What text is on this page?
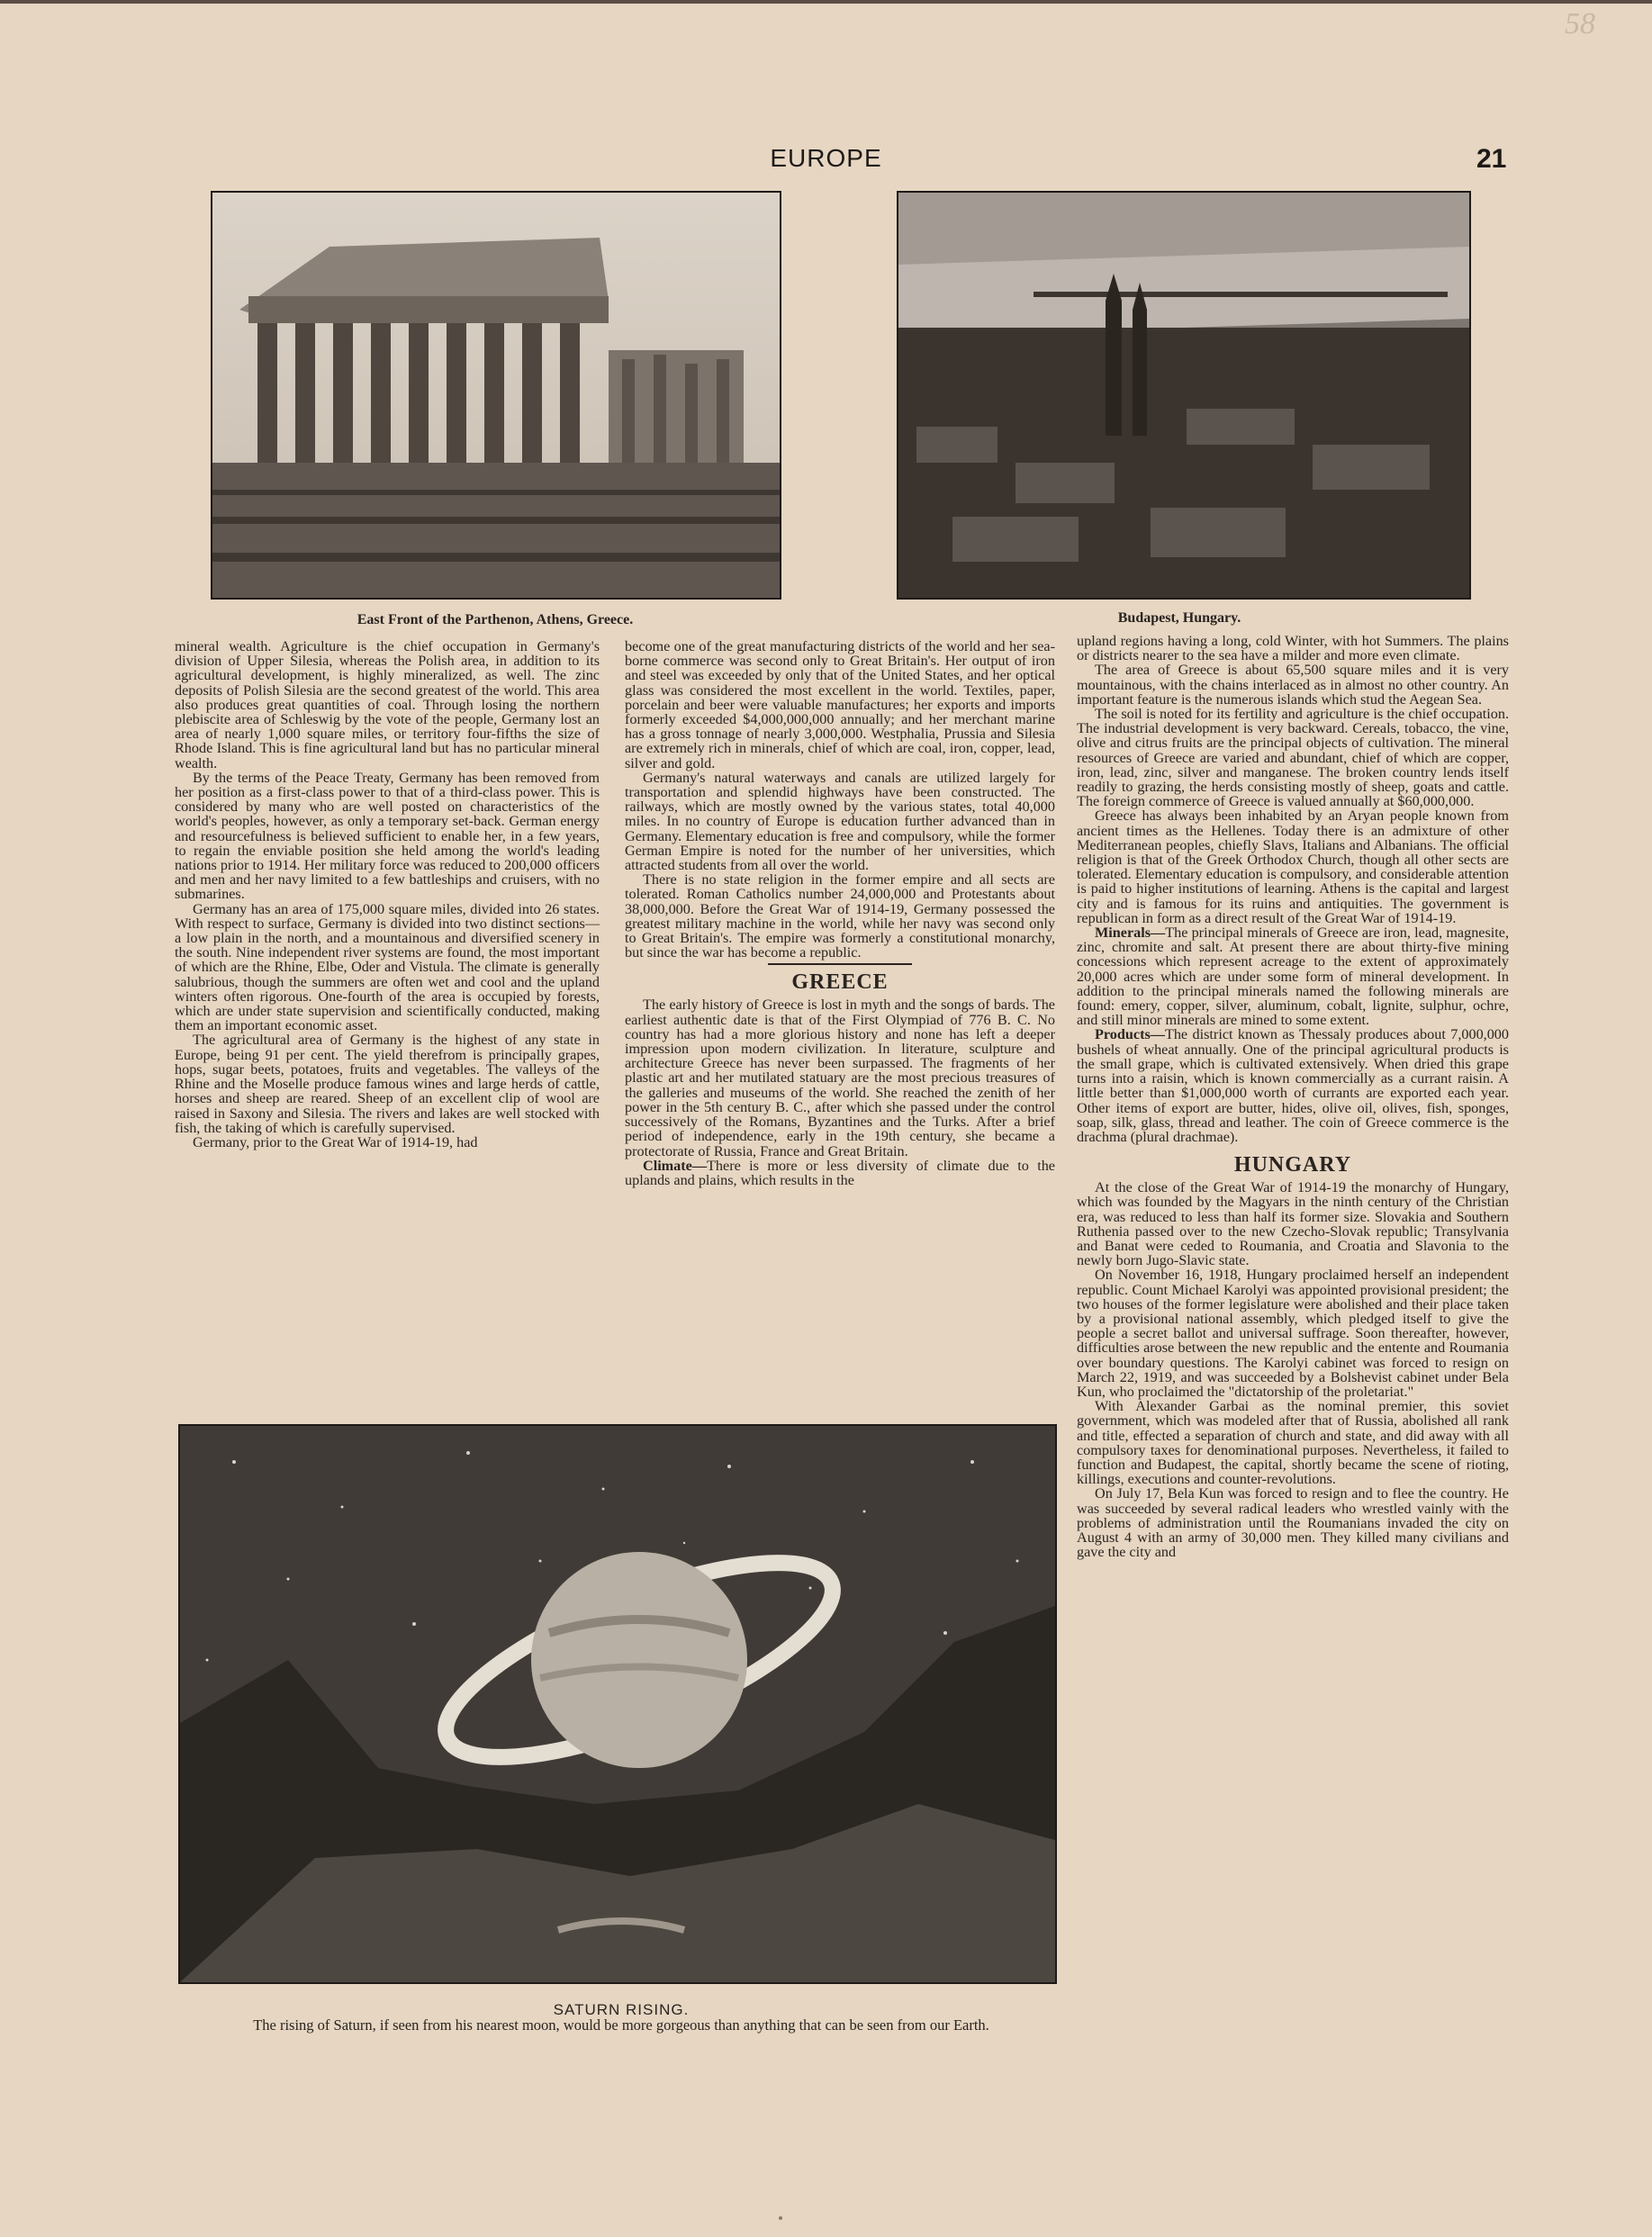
58
EUROPE	21
East Front of the Parthenon, Athens, Greece.	Budapest, Hungary.

mineral wealth. Agriculture is the chief occupation in Germany's division of Upper Silesia, whereas the Polish area, in addition to its agricultural development, is highly mineralized, as well. The zinc deposits of Polish Silesia are the second greatest of the world. This area also produces great quantities of coal. Through losing the northern plebiscite area of Schleswig by the vote of the people, Germany lost an area of nearly 1,000 square miles, or territory four-fifths the size of Rhode Island. This is fine agricultural land but has no particular mineral wealth.

By the terms of the Peace Treaty, Germany has been removed from her position as a first-class power to that of a third-class power. This is considered by many who are well posted on characteristics of the world's peoples, however, as only a temporary set-back. German energy and resourcefulness is believed sufficient to enable her, in a few years, to regain the enviable position she held among the world's leading nations prior to 1914. Her military force was reduced to 200,000 officers and men and her navy limited to a few battleships and cruisers, with no submarines.

Germany has an area of 175,000 square miles, divided into 26 states. With respect to surface, Germany is divided into two distinct sections—a low plain in the north, and a mountainous and diversified scenery in the south. Nine independent river systems are found, the most important of which are the Rhine, Elbe, Oder and Vistula. The climate is generally salubrious, though the summers are often wet and cool and the upland winters often rigorous. One-fourth of the area is occupied by forests, which are under state supervision and scientifically conducted, making them an important economic asset.

The agricultural area of Germany is the highest of any state in Europe, being 91 per cent. The yield therefrom is principally grapes, hops, sugar beets, potatoes, fruits and vegetables. The valleys of the Rhine and the Moselle produce famous wines and large herds of cattle, horses and sheep are reared. Sheep of an excellent clip of wool are raised in Saxony and Silesia. The rivers and lakes are well stocked with fish, the taking of which is carefully supervised.

Germany, prior to the Great War of 1914-19, had

become one of the great manufacturing districts of the world and her sea-borne commerce was second only to Great Britain's. Her output of iron and steel was exceeded by only that of the United States, and her optical glass was considered the most excellent in the world. Textiles, paper, porcelain and beer were valuable manufactures; her exports and imports formerly exceeded $4,000,000,000 annually; and her merchant marine has a gross tonnage of nearly 3,000,000. Westphalia, Prussia and Silesia are extremely rich in minerals, chief of which are coal, iron, copper, lead, silver and gold.

Germany's natural waterways and canals are utilized largely for transportation and splendid highways have been constructed. The railways, which are mostly owned by the various states, total 40,000 miles. In no country of Europe is education further advanced than in Germany. Elementary education is free and compulsory, while the former German Empire is noted for the number of her universities, which attracted students from all over the world.

There is no state religion in the former empire and all sects are tolerated. Roman Catholics number 24,000,000 and Protestants about 38,000,000. Before the Great War of 1914-19, Germany possessed the greatest military machine in the world, while her navy was second only to Great Britain's. The empire was formerly a constitutional monarchy, but since the war has become a republic.

GREECE

The early history of Greece is lost in myth and the songs of bards. The earliest authentic date is that of the First Olympiad of 776 B. C. No country has had a more glorious history and none has left a deeper impression upon modern civilization. In literature, sculpture and architecture Greece has never been surpassed. The fragments of her plastic art and her mutilated statuary are the most precious treasures of the galleries and museums of the world. She reached the zenith of her power in the 5th century B. C., after which she passed under the control successively of the Romans, Byzantines and the Turks. After a brief period of independence, early in the 19th century, she became a protectorate of Russia, France and Great Britain.

Climate—There is more or less diversity of climate due to the uplands and plains, which results in the

upland regions having a long, cold Winter, with hot Summers. The plains or districts nearer to the sea have a milder and more even climate.

The area of Greece is about 65,500 square miles and it is very mountainous, with the chains interlaced as in almost no other country. An important feature is the numerous islands which stud the Aegean Sea.

The soil is noted for its fertility and agriculture is the chief occupation. The industrial development is very backward. Cereals, tobacco, the vine, olive and citrus fruits are the principal objects of cultivation. The mineral resources of Greece are varied and abundant, chief of which are copper, iron, lead, zinc, silver and manganese. The broken country lends itself readily to grazing, the herds consisting mostly of sheep, goats and cattle. The foreign commerce of Greece is valued annually at $60,000,000.

Greece has always been inhabited by an Aryan people known from ancient times as the Hellenes. Today there is an admixture of other Mediterranean peoples, chiefly Slavs, Italians and Albanians. The official religion is that of the Greek Orthodox Church, though all other sects are tolerated. Elementary education is compulsory, and considerable attention is paid to higher institutions of learning. Athens is the capital and largest city and is famous for its ruins and antiquities. The government is republican in form as a direct result of the Great War of 1914-19.

Minerals—The principal minerals of Greece are iron, lead, magnesite, zinc, chromite and salt. At present there are about thirty-five mining concessions which represent acreage to the extent of approximately 20,000 acres which are under some form of mineral development. In addition to the principal minerals named the following minerals are found: emery, copper, silver, aluminum, cobalt, lignite, sulphur, ochre, and still minor minerals are mined to some extent.

Products—The district known as Thessaly produces about 7,000,000 bushels of wheat annually. One of the principal agricultural products is the small grape, which is cultivated extensively. When dried this grape turns into a raisin, which is known commercially as a currant raisin. A little better than $1,000,000 worth of currants are exported each year. Other items of export are butter, hides, olive oil, olives, fish, sponges, soap, silk, glass, thread and leather. The coin of Greece commerce is the drachma (plural drachmae).

HUNGARY

At the close of the Great War of 1914-19 the monarchy of Hungary, which was founded by the Magyars in the ninth century of the Christian era, was reduced to less than half its former size. Slovakia and Southern Ruthenia passed over to the new Czecho-Slovak republic; Transylvania and Banat were ceded to Roumania, and Croatia and Slavonia to the newly born Jugo-Slavic state.

On November 16, 1918, Hungary proclaimed herself an independent republic. Count Michael Karolyi was appointed provisional president; the two houses of the former legislature were abolished and their place taken by a provisional national assembly, which pledged itself to give the people a secret ballot and universal suffrage. Soon thereafter, however, difficulties arose between the new republic and the entente and Roumania over boundary questions. The Karolyi cabinet was forced to resign on March 22, 1919, and was succeeded by a Bolshevist cabinet under Bela Kun, who proclaimed the "dictatorship of the proletariat."

With Alexander Garbai as the nominal premier, this soviet government, which was modeled after that of Russia, abolished all rank and title, effected a separation of church and state, and did away with all compulsory taxes for denominational purposes. Nevertheless, it failed to function and Budapest, the capital, shortly became the scene of rioting, killings, executions and counter-revolutions.

On July 17, Bela Kun was forced to resign and to flee the country. He was succeeded by several radical leaders who wrestled vainly with the problems of administration until the Roumanians invaded the city on August 4 with an army of 30,000 men. They killed many civilians and gave the city and

SATURN RISING.
The rising of Saturn, if seen from his nearest moon, would be more gorgeous than anything that can be seen from our Earth.
